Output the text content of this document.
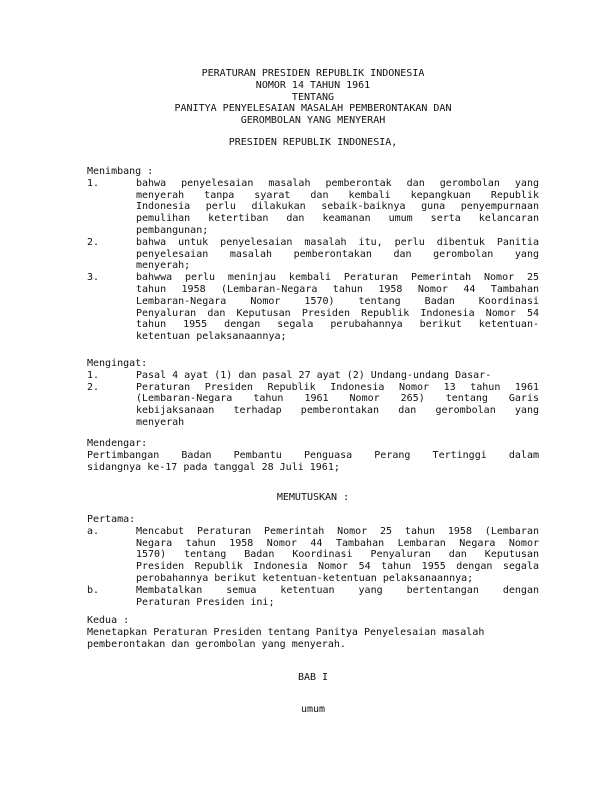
PERATURAN PRESIDEN REPUBLIK INDONESIA
NOMOR 14 TAHUN 1961
TENTANG
PANITYA PENYELESAIAN MASALAH PEMBERONTAKAN DAN
GEROMBOLAN YANG MENYERAH
PRESIDEN REPUBLIK INDONESIA,
Menimbang :
1.	bahwa penyelesaian masalah pemberontak dan gerombolan yang
menyerah tanpa syarat dan kembali kepangkuan Republik
Indonesia perlu dilakukan sebaik-baiknya guna penyempurnaan
pemulihan ketertiban dan keamanan umum serta kelancaran
pembangunan;
2.	bahwa untuk penyelesaian masalah itu, perlu dibentuk Panitia
penyelesaian masalah pemberontakan dan gerombolan yang
menyerah;
3.	bahwwa perlu meninjau kembali Peraturan Pemerintah Nomor 25
tahun 1958 (Lembaran-Negara tahun 1958 Nomor 44 Tambahan
Lembaran-Negara Nomor 1570) tentang Badan Koordinasi
Penyaluran dan Keputusan Presiden Republik Indonesia Nomor 54
tahun 1955 dengan segala perubahannya berikut ketentuan-
ketentuan pelaksanaannya;
Mengingat:
1.	Pasal 4 ayat (1) dan pasal 27 ayat (2) Undang-undang Dasar-
2.	Peraturan Presiden Republik Indonesia Nomor 13 tahun 1961
(Lembaran-Negara tahun 1961 Nomor 265) tentang Garis
kebijaksanaan terhadap pemberontakan dan gerombolan yang
menyerah
Mendengar:
Pertimbangan Badan Pembantu Penguasa Perang Tertinggi dalam
sidangnya ke-17 pada tanggal 28 Juli 1961;
MEMUTUSKAN :
Pertama:
a.	Mencabut Peraturan Pemerintah Nomor 25 tahun 1958 (Lembaran
Negara tahun 1958 Nomor 44 Tambahan Lembaran Negara Nomor
1570) tentang Badan Koordinasi Penyaluran dan Keputusan
Presiden Republik Indonesia Nomor 54 tahun 1955 dengan segala
perobahannya berikut ketentuan-ketentuan pelaksanaannya;
b.	Membatalkan semua ketentuan yang bertentangan dengan
Peraturan Presiden ini;
Kedua :
Menetapkan Peraturan Presiden tentang Panitya Penyelesaian masalah
pemberontakan dan gerombolan yang menyerah.
BAB I
umum
